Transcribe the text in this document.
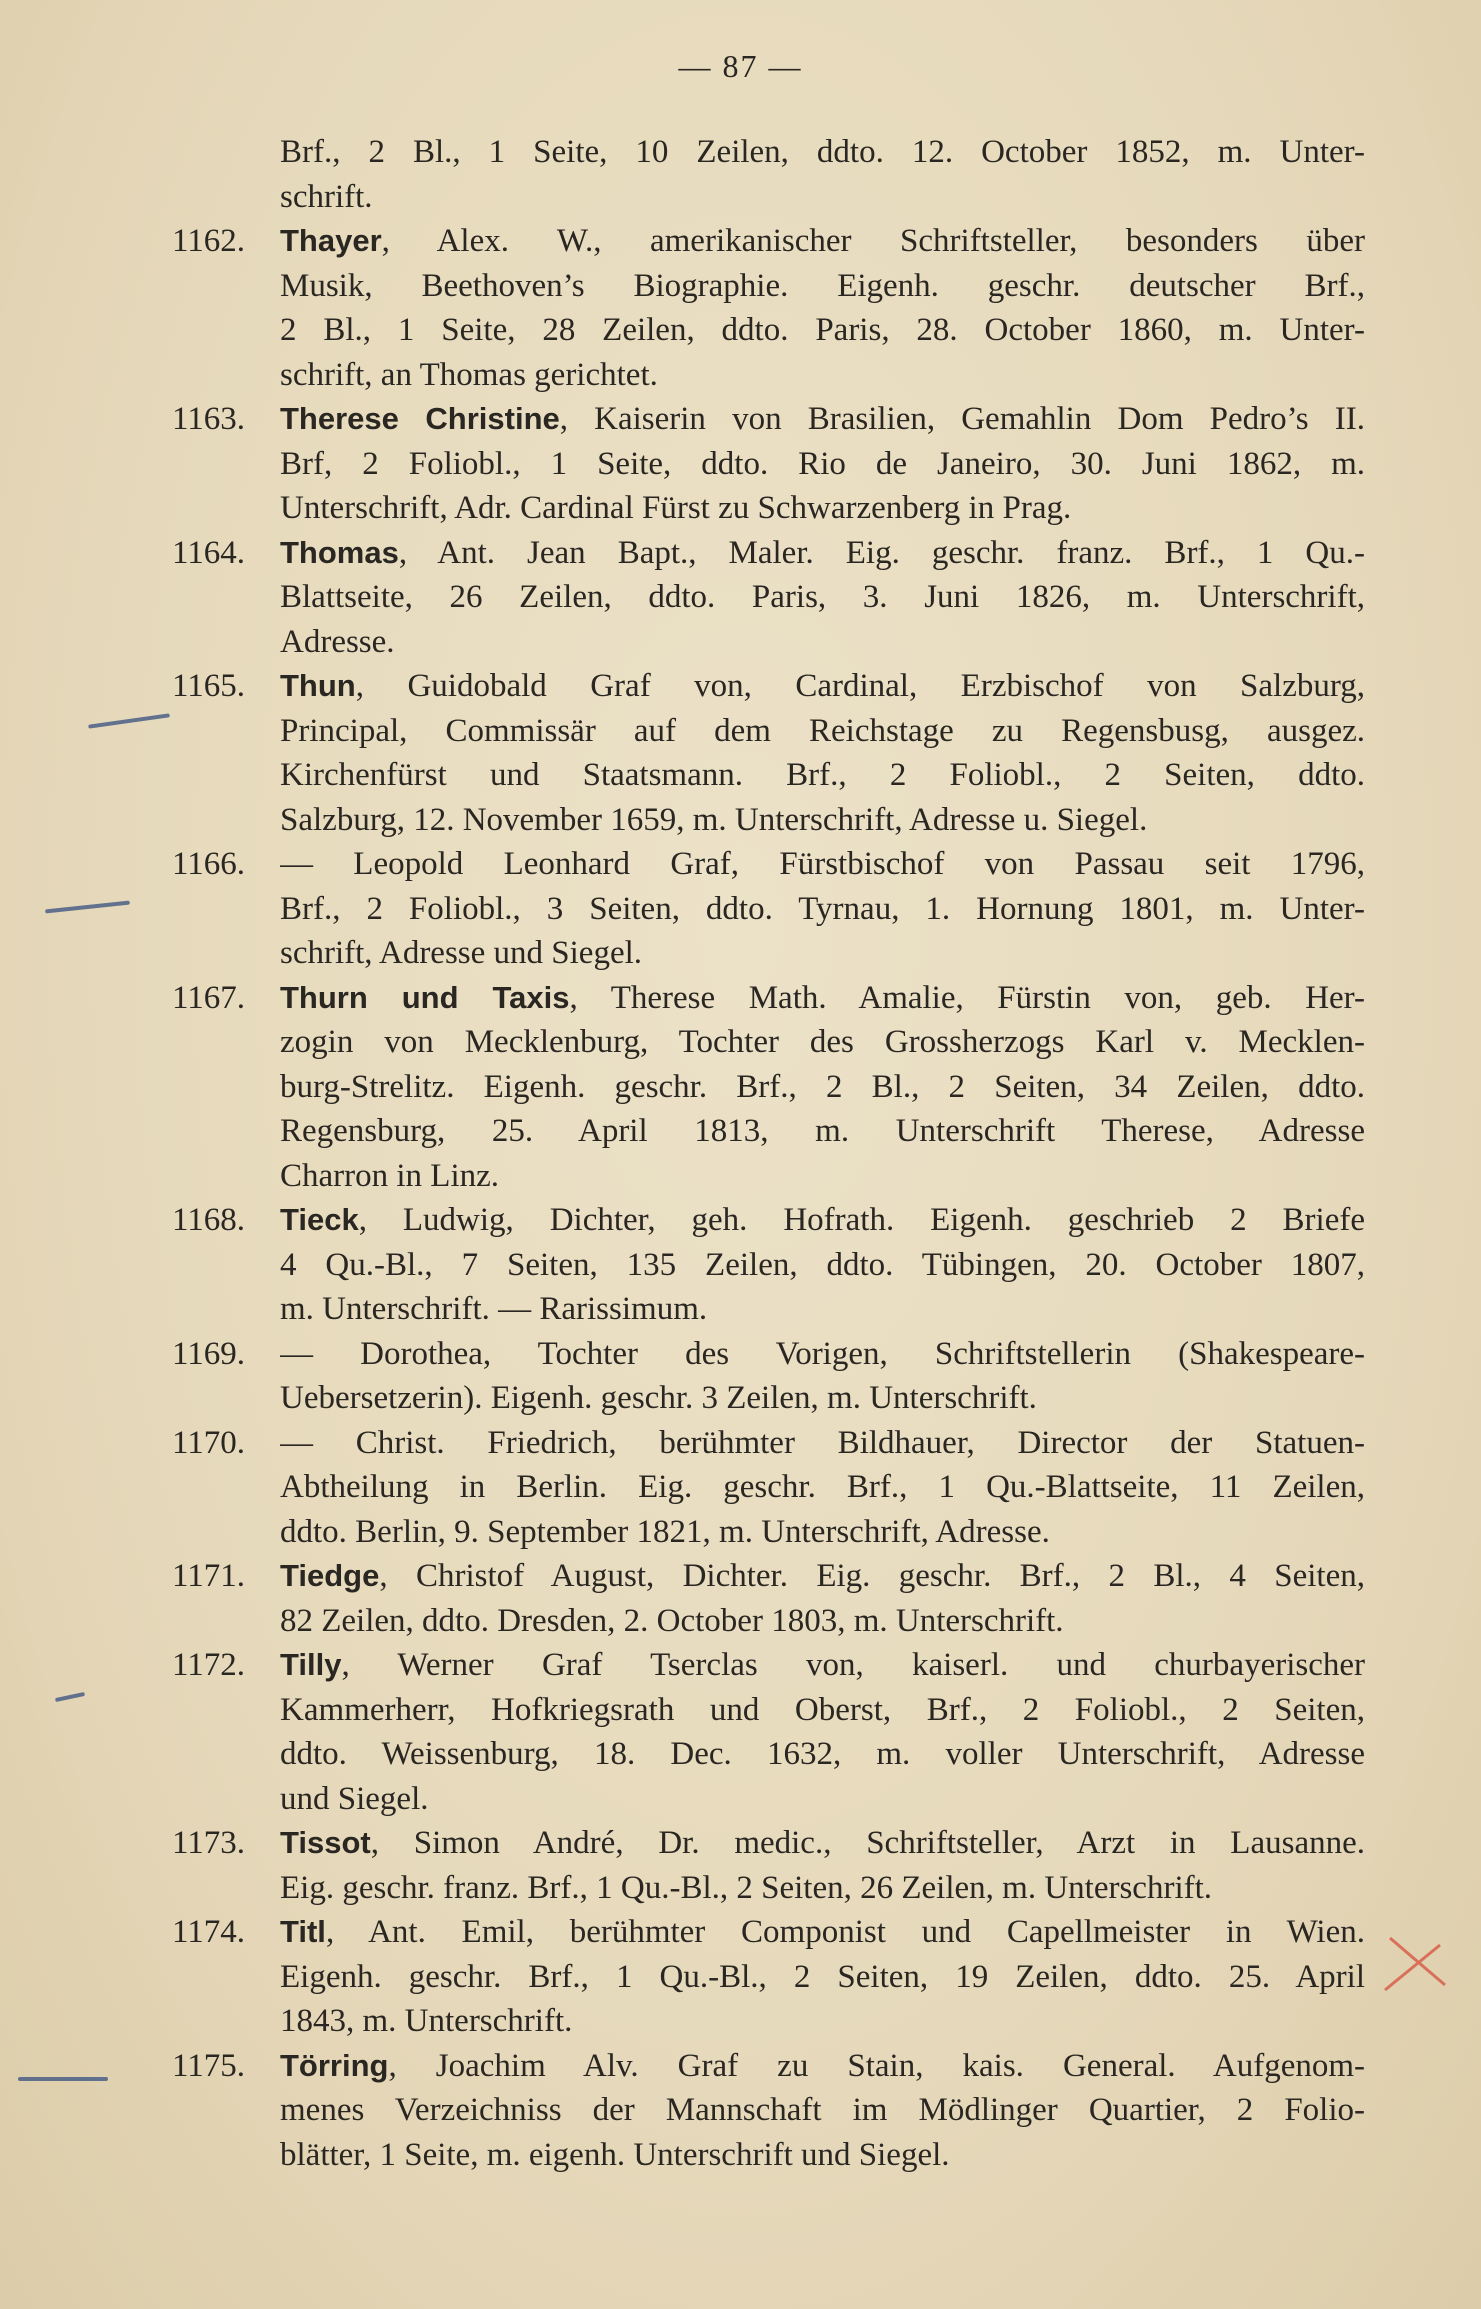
— 87 —
Brf., 2 Bl., 1 Seite, 10 Zeilen, ddto. 12. October 1852, m. Unter-
schrift.
1162. Thayer, Alex. W., amerikanischer Schriftsteller, besonders über
Musik, Beethoven’s Biographie. Eigenh. geschr. deutscher Brf.,
2 Bl., 1 Seite, 28 Zeilen, ddto. Paris, 28. October 1860, m. Unter-
schrift, an Thomas gerichtet.
1163. Therese Christine, Kaiserin von Brasilien, Gemahlin Dom Pedro’s II.
Brf, 2 Foliobl., 1 Seite, ddto. Rio de Janeiro, 30. Juni 1862, m.
Unterschrift, Adr. Cardinal Fürst zu Schwarzenberg in Prag.
1164. Thomas, Ant. Jean Bapt., Maler. Eig. geschr. franz. Brf., 1 Qu.-
Blattseite, 26 Zeilen, ddto. Paris, 3. Juni 1826, m. Unterschrift,
Adresse.
1165. Thun, Guidobald Graf von, Cardinal, Erzbischof von Salzburg,
Principal, Commissär auf dem Reichstage zu Regensbusg, ausgez.
Kirchenfürst und Staatsmann. Brf., 2 Foliobl., 2 Seiten, ddto.
Salzburg, 12. November 1659, m. Unterschrift, Adresse u. Siegel.
1166. — Leopold Leonhard Graf, Fürstbischof von Passau seit 1796,
Brf., 2 Foliobl., 3 Seiten, ddto. Tyrnau, 1. Hornung 1801, m. Unter-
schrift, Adresse und Siegel.
1167. Thurn und Taxis, Therese Math. Amalie, Fürstin von, geb. Her-
zogin von Mecklenburg, Tochter des Grossherzogs Karl v. Mecklen-
burg-Strelitz. Eigenh. geschr. Brf., 2 Bl., 2 Seiten, 34 Zeilen, ddto.
Regensburg, 25. April 1813, m. Unterschrift Therese, Adresse
Charron in Linz.
1168. Tieck, Ludwig, Dichter, geh. Hofrath. Eigenh. geschrieb 2 Briefe
4 Qu.-Bl., 7 Seiten, 135 Zeilen, ddto. Tübingen, 20. October 1807,
m. Unterschrift. — Rarissimum.
1169. — Dorothea, Tochter des Vorigen, Schriftstellerin (Shakespeare-
Uebersetzerin). Eigenh. geschr. 3 Zeilen, m. Unterschrift.
1170. — Christ. Friedrich, berühmter Bildhauer, Director der Statuen-
Abtheilung in Berlin. Eig. geschr. Brf., 1 Qu.-Blattseite, 11 Zeilen,
ddto. Berlin, 9. September 1821, m. Unterschrift, Adresse.
1171. Tiedge, Christof August, Dichter. Eig. geschr. Brf., 2 Bl., 4 Seiten,
82 Zeilen, ddto. Dresden, 2. October 1803, m. Unterschrift.
1172. Tilly, Werner Graf Tserclas von, kaiserl. und churbayerischer
Kammerherr, Hofkriegsrath und Oberst, Brf., 2 Foliobl., 2 Seiten,
ddto. Weissenburg, 18. Dec. 1632, m. voller Unterschrift, Adresse
und Siegel.
1173. Tissot, Simon André, Dr. medic., Schriftsteller, Arzt in Lausanne.
Eig. geschr. franz. Brf., 1 Qu.-Bl., 2 Seiten, 26 Zeilen, m. Unterschrift.
1174. Titl, Ant. Emil, berühmter Componist und Capellmeister in Wien.
Eigenh. geschr. Brf., 1 Qu.-Bl., 2 Seiten, 19 Zeilen, ddto. 25. April
1843, m. Unterschrift.
1175. Törring, Joachim Alv. Graf zu Stain, kais. General. Aufgenom-
menes Verzeichniss der Mannschaft im Mödlinger Quartier, 2 Folio-
blätter, 1 Seite, m. eigenh. Unterschrift und Siegel.
